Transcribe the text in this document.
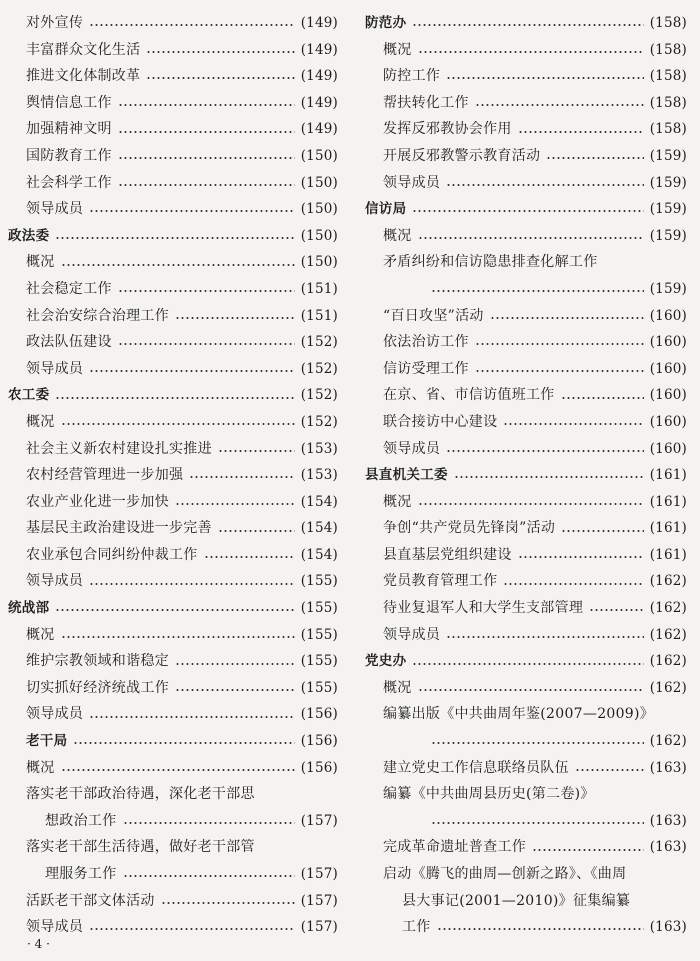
对外宣传	(149)
丰富群众文化生活	(149)
推进文化体制改革	(149)
舆情信息工作	(149)
加强精神文明	(149)
国防教育工作	(150)
社会科学工作	(150)
领导成员	(150)
政法委	(150)
概况	(150)
社会稳定工作	(151)
社会治安综合治理工作	(151)
政法队伍建设	(152)
领导成员	(152)
农工委	(152)
概况	(152)
社会主义新农村建设扎实推进	(153)
农村经营管理进一步加强	(153)
农业产业化进一步加快	(154)
基层民主政治建设进一步完善	(154)
农业承包合同纠纷仲裁工作	(154)
领导成员	(155)
统战部	(155)
概况	(155)
维护宗教领域和谐稳定	(155)
切实抓好经济统战工作	(155)
领导成员	(156)
老干局	(156)
概况	(156)
落实老干部政治待遇，深化老干部思
想政治工作	(157)
落实老干部生活待遇，做好老干部管
理服务工作	(157)
活跃老干部文体活动	(157)
领导成员	(157)
防范办	(158)
概况	(158)
防控工作	(158)
帮扶转化工作	(158)
发挥反邪教协会作用	(158)
开展反邪教警示教育活动	(159)
领导成员	(159)
信访局	(159)
概况	(159)
矛盾纠纷和信访隐患排查化解工作
(159)
“百日攻坚”活动	(160)
依法治访工作	(160)
信访受理工作	(160)
在京、省、市信访值班工作	(160)
联合接访中心建设	(160)
领导成员	(160)
县直机关工委	(161)
概况	(161)
争创“共产党员先锋岗”活动	(161)
县直基层党组织建设	(161)
党员教育管理工作	(162)
待业复退军人和大学生支部管理	(162)
领导成员	(162)
党史办	(162)
概况	(162)
编纂出版《中共曲周年鉴(2007—2009)》
(162)
建立党史工作信息联络员队伍	(163)
编纂《中共曲周县历史(第二卷)》
(163)
完成革命遗址普查工作	(163)
启动《腾飞的曲周—创新之路》、《曲周
县大事记(2001—2010)》征集编纂
工作	(163)
· 4 ·
